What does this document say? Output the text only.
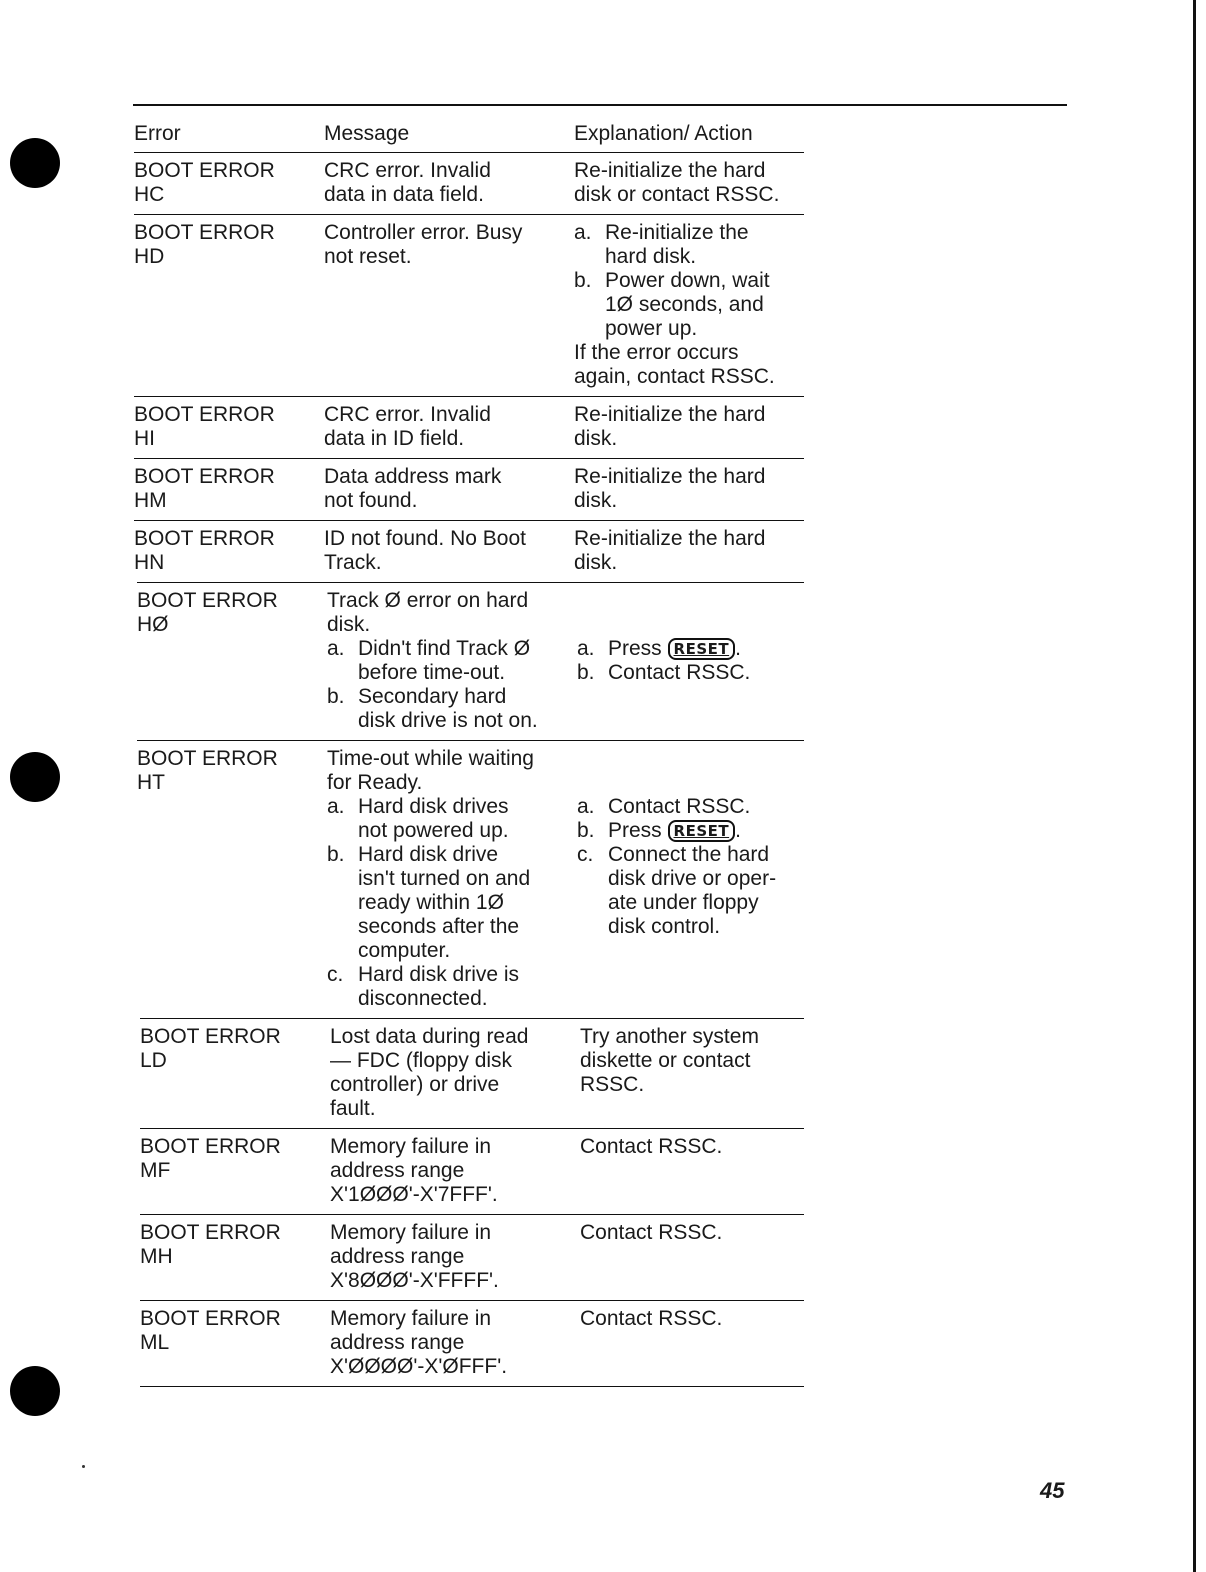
Error	Message	Explanation/ Action
BOOT ERROR
HC
CRC error. Invalid
data in data field.
Re-initialize the hard
disk or contact RSSC.
BOOT ERROR
HD
Controller error. Busy
not reset.
a. Re-initialize the
hard disk.
b. Power down, wait
1Ø seconds, and
power up.
If the error occurs
again, contact RSSC.
BOOT ERROR
HI
CRC error. Invalid
data in ID field.
Re-initialize the hard
disk.
BOOT ERROR
HM
Data address mark
not found.
Re-initialize the hard
disk.
BOOT ERROR
HN
ID not found. No Boot
Track.
Re-initialize the hard
disk.
BOOT ERROR
HØ
Track Ø error on hard
disk.
a. Didn't find Track Ø
before time-out.
b. Secondary hard
disk drive is not on.

a. Press RESET .
b. Contact RSSC.
BOOT ERROR
HT
Time-out while waiting
for Ready.
a. Hard disk drives
not powered up.
b. Hard disk drive
isn't turned on and
ready within 1Ø
seconds after the
computer.
c. Hard disk drive is
disconnected.

a. Contact RSSC.
b. Press RESET .
c. Connect the hard
disk drive or oper-
ate under floppy
disk control.
BOOT ERROR
LD
Lost data during read
— FDC (floppy disk
controller) or drive
fault.
Try another system
diskette or contact
RSSC.
BOOT ERROR
MF
Memory failure in
address range
X'1ØØØ'-X'7FFF'.
Contact RSSC.
BOOT ERROR
MH
Memory failure in
address range
X'8ØØØ'-X'FFFF'.
Contact RSSC.
BOOT ERROR
ML
Memory failure in
address range
X'ØØØØ'-X'ØFFF'.
Contact RSSC.
45
